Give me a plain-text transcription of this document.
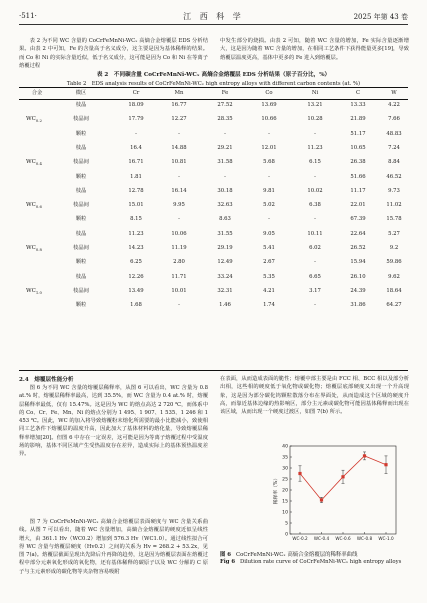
·511·	江 西 科 学	2025 年第 43 卷

表 2 为不同 WC 含量的 CoCrFeMnNi-WCₓ 高熵合金熔覆层 EDS 分析结果。由表 2 中可知，Fe 的含量高于名义成分，这主要是因为基体稀释的结果。而 Co 和 Ni 的实际含量近似，低于名义成分，这可能是因为 Co 和 Ni 在等离子熔覆过程

中发生部分的烧损。由表 2 可知，随着 WC 含量的增加，Fe 实际含量逐渐增大，这是因为随着 WC 含量的增加，在相同工艺条件下获得能量更多[19]，导致熔覆层温度更高，基体中更多的 Fe 进入到熔覆层。

表 2　不同碳含量 CoCrFeMnNi-WCₓ 高熵合金熔覆层 EDS 分析结果（原子百分比，%）
Table 2　EDS analysis results of CoCrFeMnNi-WCₓ high entropy alloys with different carbon contents (at. %)
合金	微区	Cr	Mn	Fe	Co	Ni	C	W
$WC_{0.2}$
枝晶	18.09	16.77	27.52	13.69	13.21	13.33	4.22
枝晶间	17.79	12.27	28.35	10.66	10.28	21.89	7.66
颗粒	-	-	-	-	-	51.17	48.83
$WC_{0.4}$
枝晶	16.4	14.88	29.21	12.01	11.23	10.65	7.24
枝晶间	16.71	10.81	31.58	5.68	6.15	26.38	8.84
颗粒	1.81	-	-	-	-	51.66	46.52
$WC_{0.6}$
枝晶	12.78	16.14	30.18	9.81	10.02	11.17	9.73
枝晶间	15.01	9.95	32.63	5.02	6.38	22.01	11.02
颗粒	8.15	-	8.63	-	-	67.39	15.78
$WC_{0.8}$
枝晶	11.23	10.06	31.55	9.05	10.11	22.64	5.27
枝晶间	14.23	11.19	29.19	5.41	6.02	26.52	9.2
颗粒	6.25	2.80	12.49	2.67	-	15.94	59.86
$WC_{1.0}$
枝晶	12.26	11.71	33.24	5.35	6.65	26.10	9.62
枝晶间	13.49	10.01	32.31	4.21	3.17	24.39	18.64
颗粒	1.68	-	1.46	1.74	-	31.86	64.27
2.4　熔覆层性能分析

图 6 为不同 WC 含量的熔覆层稀释率，从图 6 可以看出，WC 含量为 0.8 at.% 时，熔覆层稀释率最高，达到 35.5%，而 WC 含量为 0.4 at.% 时，熔覆层稀释率最低，仅有 15.47%。这是因为 WC 的熔点高达 2 720 ℃，而体系中的 Co、Cr、Fe、Mn、Ni 的熔点分别为 1 495、1 907、1 535、1 246 和 1 453 ℃。因此，WC 的加入将导致熔覆粉末熔化所需要的最小比能减小，致使相同工艺条件下熔覆层的温度升高，因此加大了基体材料的熔化量，导致熔覆层稀释率增加[20]。但图 6 中存在一定误差，这可能是因为等离子熔覆过程中受温度场的影响，基体不同区域产生受热温度存在差异，造成实际上的基体预热温度差异。

图 7 为 CoCrFeMnNi-WCₓ 高熵合金熔覆层表面硬度与 WC 含量关系曲线。从图 7 可以看出，随着 WC 含量增加，高熵合金熔覆层的硬度近似呈线性增大，由 361.1 Hv（WC0.2）增加到 576.3 Hv（WC1.0）。通过线性拟合可得 WC 含量与熔覆层硬度（Hv0.2）之间的关系为 Hv = 268.2 + 53.2x，见图 7(a)。熔覆层截面呈现出先降后升再降的趋势，这是因为熔覆层表面在熔覆过程中部分元素氧化形成的氧化物，还有基体稀释的碳原子以及 WC 分解的 C 原子与主元素形成的碳化物等夹杂物容易吸附

在表面，从而造成表面的脆性；熔覆中部主要是由 FCC 相、BCC 相以及部分析出相，这些相的硬度低于氧化物或碳化物；熔覆层底部硬度又出现一个升高现象，这是因为部分碳化钨颗粒散落分布在界面处，从而造成这个区域的硬度升高，而靠近基体边缘的热影响区，部分主元素或碳化物可能因基体稀释而出现在该区域，从而出现一个硬度过渡区，如图 7(b) 所示。

0
5
10
15
20
25
30
35
40
稀释率（%）
WC-0.2 WC-0.4 WC-0.6 WC-0.8 WC-1.0
图 6 CoCrFeMnNi-WCₓ 高熵合金熔覆层的稀释率曲线
Fig 6 Dilution rate curve of CoCrFeMnNi-WCₓ high entropy alloys
